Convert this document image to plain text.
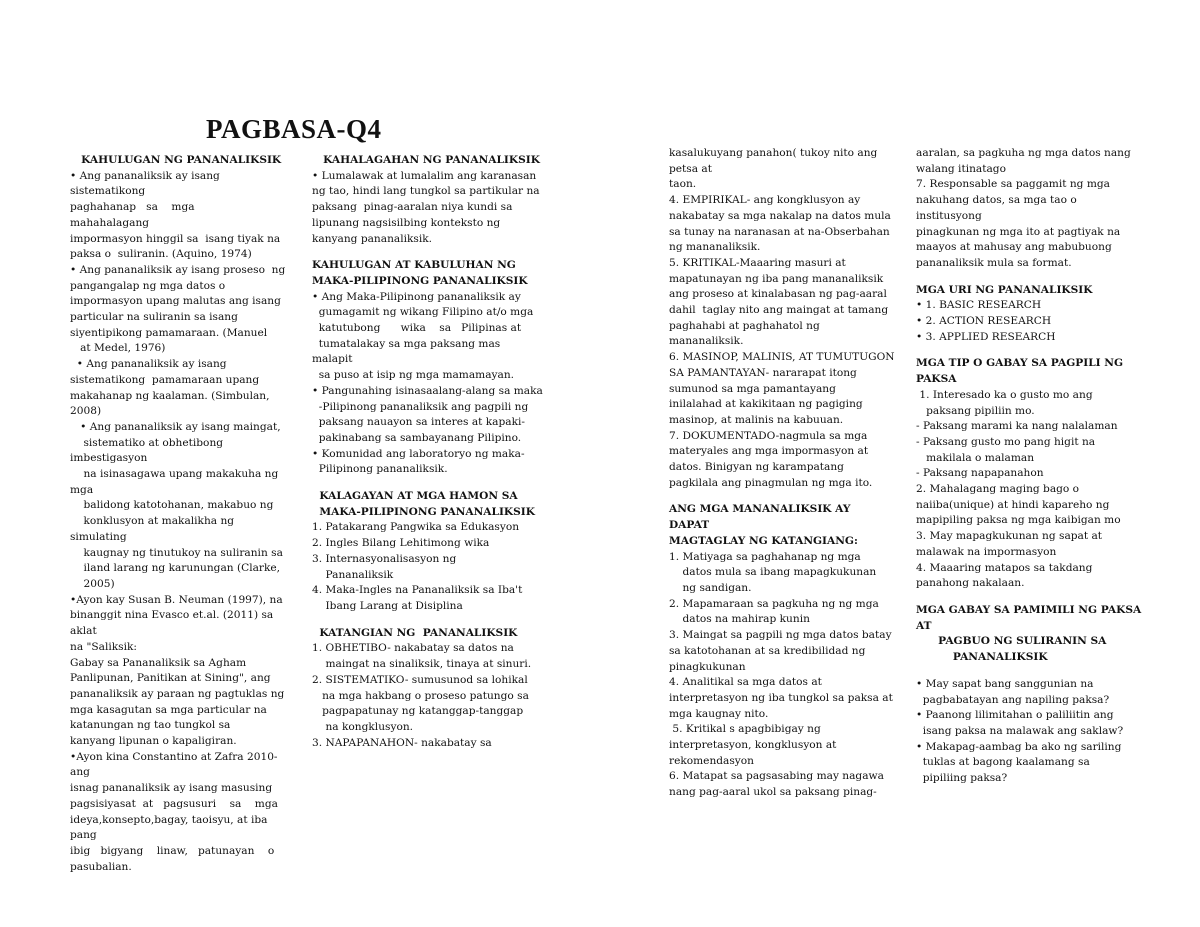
PAGBASA-Q4

KAHULUGAN NG PANANALIKSIK

• Ang pananaliksik ay isang  sistematikong

paghahanap   sa    mga      mahahalagang

impormasyon hinggil sa  isang tiyak na

paksa o  suliranin. (Aquino, 1974)

• Ang pananaliksik ay isang proseso  ng

pangangalap ng mga datos o

impormasyon upang malutas ang isang

particular na suliranin sa isang

siyentipikong pamamaraan. (Manuel

at Medel, 1976)

• Ang pananaliksik ay isang

sistematikong  pamamaraan upang

makahanap ng kaalaman. (Simbulan, 2008)

• Ang pananaliksik ay isang maingat,

sistematiko at obhetibong imbestigasyon

na isinasagawa upang makakuha ng mga

balidong katotohanan, makabuo ng

konklusyon at makalikha ng simulating

kaugnay ng tinutukoy na suliranin sa

iland larang ng karunungan (Clarke,

2005)

•Ayon kay Susan B. Neuman (1997), na

binanggit nina Evasco et.al. (2011) sa aklat

na "Saliksik:

Gabay sa Pananaliksik sa Agham

Panlipunan, Panitikan at Sining", ang

pananaliksik ay paraan ng pagtuklas ng

mga kasagutan sa mga particular na

katanungan ng tao tungkol sa

kanyang lipunan o kapaligiran.

•Ayon kina Constantino at Zafra 2010- ang

isnag pananaliksik ay isang masusing

pagsisiyasat  at   pagsusuri    sa    mga

ideya,konsepto,bagay, taoisyu, at iba pang

ibig   bigyang    linaw,   patunayan    o

pasubalian.

KAHALAGAHAN NG PANANALIKSIK

• Lumalawak at lumalalim ang karanasan

ng tao, hindi lang tungkol sa partikular na

paksang  pinag-aaralan niya kundi sa

lipunang nagsisilbing konteksto ng

kanyang pananaliksik.

KAHULUGAN AT KABULUHAN NG

MAKA-PILIPINONG PANANALIKSIK

• Ang Maka-Pilipinong pananaliksik ay

gumagamit ng wikang Filipino at/o mga

katutubong      wika    sa   Pilipinas at

tumatalakay sa mga paksang mas malapit

sa puso at isip ng mga mamamayan.

• Pangunahing isinasaalang-alang sa maka

-Pilipinong pananaliksik ang pagpili ng

paksang nauayon sa interes at kapaki-

pakinabang sa sambayanang Pilipino.

• Komunidad ang laboratoryo ng maka-

Pilipinong pananaliksik.

KALAGAYAN AT MGA HAMON SA

MAKA-PILIPINONG PANANALIKSIK

1. Patakarang Pangwika sa Edukasyon

2. Ingles Bilang Lehitimong wika

3. Internasyonalisasyon ng

Pananaliksik

4. Maka-Ingles na Pananaliksik sa Iba't

Ibang Larang at Disiplina

KATANGIAN NG  PANANALIKSIK

1. OBHETIBO- nakabatay sa datos na

maingat na sinaliksik, tinaya at sinuri.

2. SISTEMATIKO- sumusunod sa lohikal

na mga hakbang o proseso patungo sa

pagpapatunay ng katanggap-tanggap

na kongklusyon.

3. NAPAPANAHON- nakabatay sa

kasalukuyang panahon( tukoy nito ang

petsa at

taon.

4. EMPIRIKAL- ang kongklusyon ay

nakabatay sa mga nakalap na datos mula

sa tunay na naranasan at na-Obserbahan

ng mananaliksik.

5. KRITIKAL-Maaaring masuri at

mapatunayan ng iba pang mananaliksik

ang proseso at kinalabasan ng pag-aaral

dahil  taglay nito ang maingat at tamang

paghahabi at paghahatol ng mananaliksik.

6. MASINOP, MALINIS, AT TUMUTUGON

SA PAMANTAYAN- nararapat itong

sumunod sa mga pamantayang

inilalahad at kakikitaan ng pagiging

masinop, at malinis na kabuuan.

7. DOKUMENTADO-nagmula sa mga

materyales ang mga impormasyon at

datos. Binigyan ng karampatang

pagkilala ang pinagmulan ng mga ito.

ANG MGA MANANALIKSIK AY  DAPAT

MAGTAGLAY NG KATANGIANG:

1. Matiyaga sa paghahanap ng mga

datos mula sa ibang mapagkukunan

ng sandigan.

2. Mapamaraan sa pagkuha ng ng mga

datos na mahirap kunin

3. Maingat sa pagpili ng mga datos batay

sa katotohanan at sa kredibilidad ng

pinagkukunan

4. Analitikal sa mga datos at

interpretasyon ng iba tungkol sa paksa at

mga kaugnay nito.

5. Kritikal s apagbibigay ng

interpretasyon, kongklusyon at

rekomendasyon

6. Matapat sa pagsasabing may nagawa

nang pag-aaral ukol sa paksang pinag-

aaralan, sa pagkuha ng mga datos nang

walang itinatago

7. Responsable sa paggamit ng mga

nakuhang datos, sa mga tao o

institusyong

pinagkunan ng mga ito at pagtiyak na

maayos at mahusay ang mabubuong

pananaliksik mula sa format.

MGA URI NG PANANALIKSIK

• 1. BASIC RESEARCH

• 2. ACTION RESEARCH

• 3. APPLIED RESEARCH

MGA TIP O GABAY SA PAGPILI NG PAKSA

1. Interesado ka o gusto mo ang

paksang pipiliin mo.

- Paksang marami ka nang nalalaman

- Paksang gusto mo pang higit na

makilala o malaman

- Paksang napapanahon

2. Mahalagang maging bago o

naiiba(unique) at hindi kapareho ng

mapipiling paksa ng mga kaibigan mo

3. May mapagkukunan ng sapat at

malawak na impormasyon

4. Maaaring matapos sa takdang

panahong nakalaan.

MGA GABAY SA PAMIMILI NG PAKSA AT

PAGBUO NG SULIRANIN SA

PANANALIKSIK

• May sapat bang sanggunian na

pagbabatayan ang napiling paksa?

• Paanong lilimitahan o paliliitin ang

isang paksa na malawak ang saklaw?

• Makapag-aambag ba ako ng sariling

tuklas at bagong kaalamang sa

pipiliing paksa?
